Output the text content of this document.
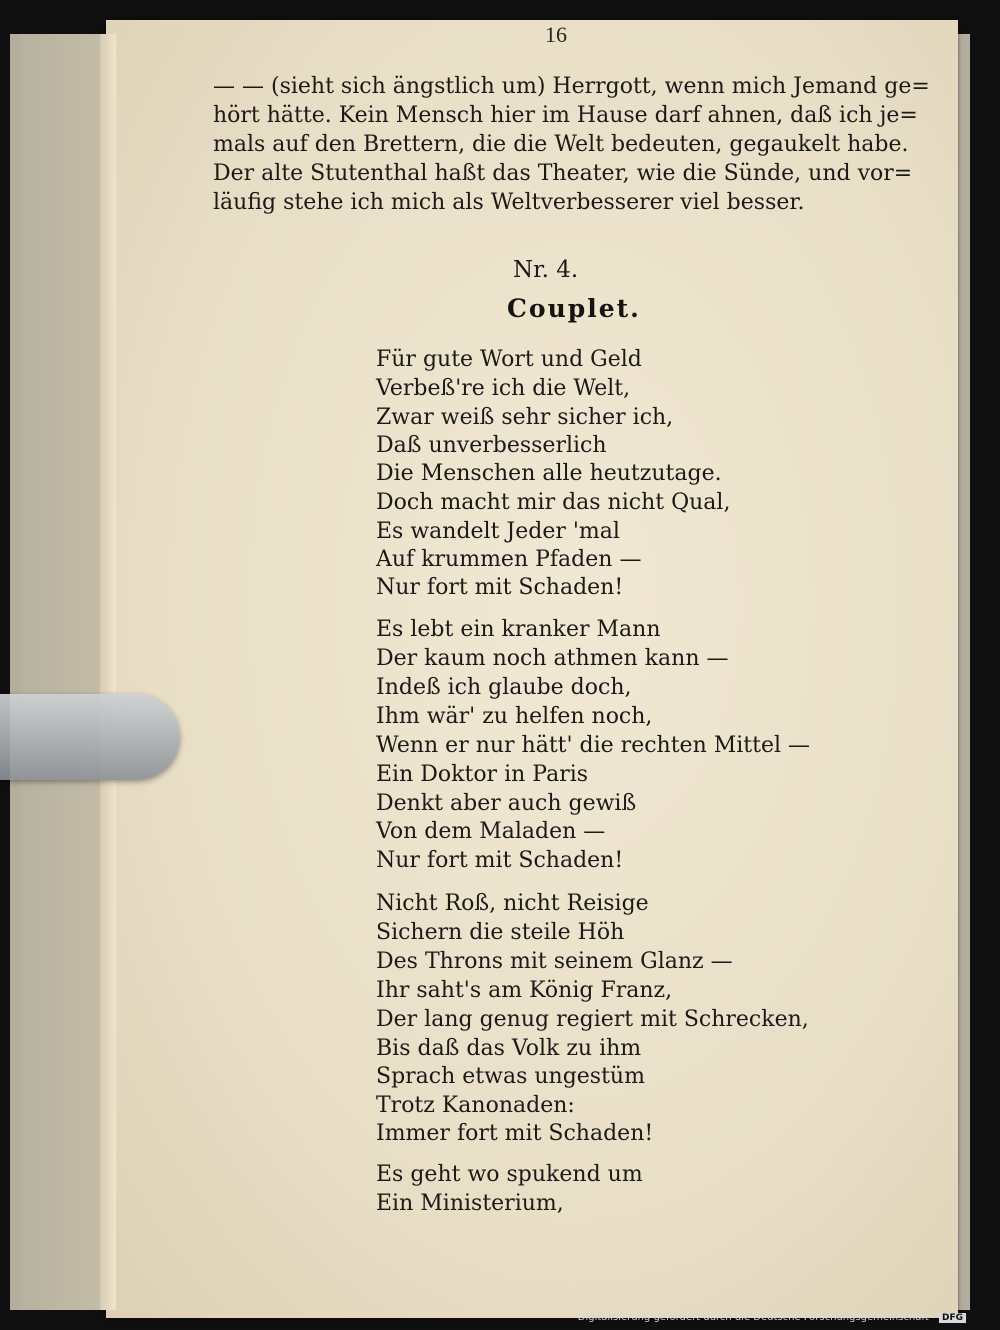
16
— — (sieht sich ängstlich um) Herrgott, wenn mich Jemand ge=
hört hätte. Kein Mensch hier im Hause darf ahnen, daß ich je=
mals auf den Brettern, die die Welt bedeuten, gegaukelt habe.
Der alte Stutenthal haßt das Theater, wie die Sünde, und vor=
läufig stehe ich mich als Weltverbesserer viel besser.
Nr. 4.
Couplet.
Für gute Wort und Geld
Verbeß're ich die Welt,
Zwar weiß sehr sicher ich,
Daß unverbesserlich
Die Menschen alle heutzutage.
Doch macht mir das nicht Qual,
Es wandelt Jeder 'mal
Auf krummen Pfaden —
Nur fort mit Schaden!
Es lebt ein kranker Mann
Der kaum noch athmen kann —
Indeß ich glaube doch,
Ihm wär' zu helfen noch,
Wenn er nur hätt' die rechten Mittel —
Ein Doktor in Paris
Denkt aber auch gewiß
Von dem Maladen —
Nur fort mit Schaden!
Nicht Roß, nicht Reisige
Sichern die steile Höh
Des Throns mit seinem Glanz —
Ihr saht's am König Franz,
Der lang genug regiert mit Schrecken,
Bis daß das Volk zu ihm
Sprach etwas ungestüm
Trotz Kanonaden:
Immer fort mit Schaden!
Es geht wo spukend um
Ein Ministerium,
Digitalisierung gefördert durch die Deutsche Forschungsgemeinschaft · DFG
